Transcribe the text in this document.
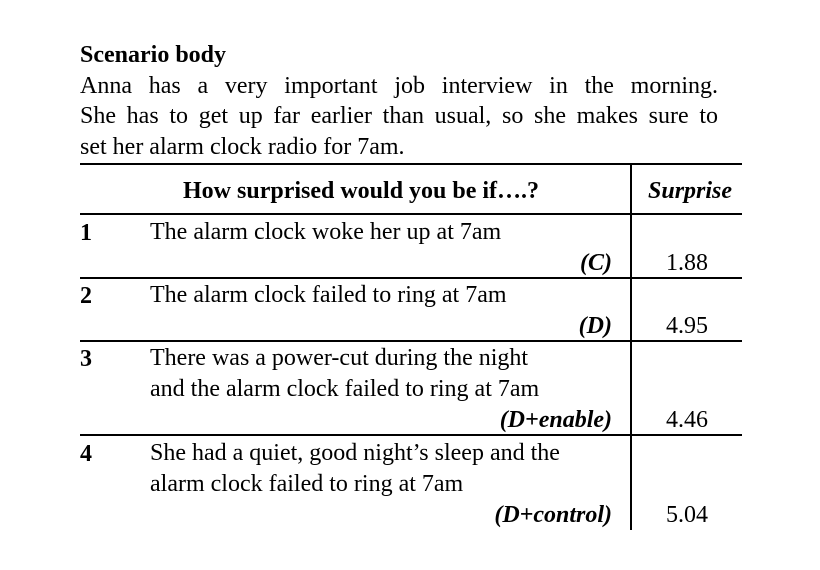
Scenario body
Anna has a very important job interview in the morning.
She has to get up far earlier than usual, so she makes sure to
set her alarm clock radio for 7am.
How surprised would you be if….?	Surprise
1 The alarm clock woke her up at 7am
(C)	1.88
2 The alarm clock failed to ring at 7am
(D)	4.95
3 There was a power-cut during the night
and the alarm clock failed to ring at 7am
(D+enable)	4.46
4 She had a quiet, good night’s sleep and the
alarm clock failed to ring at 7am
(D+control)	5.04
